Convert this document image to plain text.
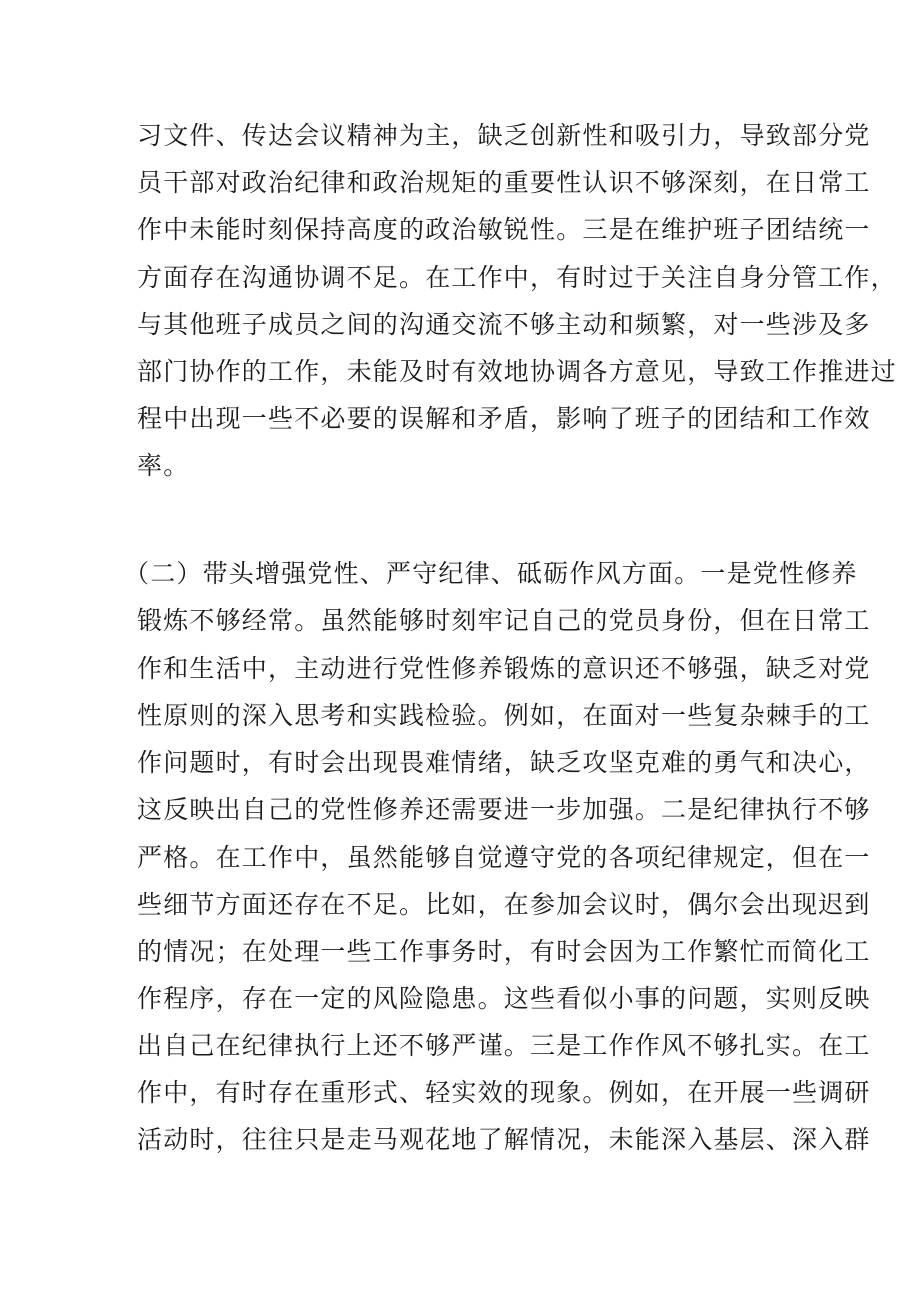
习文件、传达会议精神为主，缺乏创新性和吸引力，导致部分党
员干部对政治纪律和政治规矩的重要性认识不够深刻，在日常工
作中未能时刻保持高度的政治敏锐性。三是在维护班子团结统一
方面存在沟通协调不足。在工作中，有时过于关注自身分管工作，
与其他班子成员之间的沟通交流不够主动和频繁，对一些涉及多
部门协作的工作，未能及时有效地协调各方意见，导致工作推进过
程中出现一些不必要的误解和矛盾，影响了班子的团结和工作效
率。
（二）带头增强党性、严守纪律、砥砺作风方面。一是党性修养
锻炼不够经常。虽然能够时刻牢记自己的党员身份，但在日常工
作和生活中，主动进行党性修养锻炼的意识还不够强，缺乏对党
性原则的深入思考和实践检验。例如，在面对一些复杂棘手的工
作问题时，有时会出现畏难情绪，缺乏攻坚克难的勇气和决心，
这反映出自己的党性修养还需要进一步加强。二是纪律执行不够
严格。在工作中，虽然能够自觉遵守党的各项纪律规定，但在一
些细节方面还存在不足。比如，在参加会议时，偶尔会出现迟到
的情况；在处理一些工作事务时，有时会因为工作繁忙而简化工
作程序，存在一定的风险隐患。这些看似小事的问题，实则反映
出自己在纪律执行上还不够严谨。三是工作作风不够扎实。在工
作中，有时存在重形式、轻实效的现象。例如，在开展一些调研
活动时，往往只是走马观花地了解情况，未能深入基层、深入群
